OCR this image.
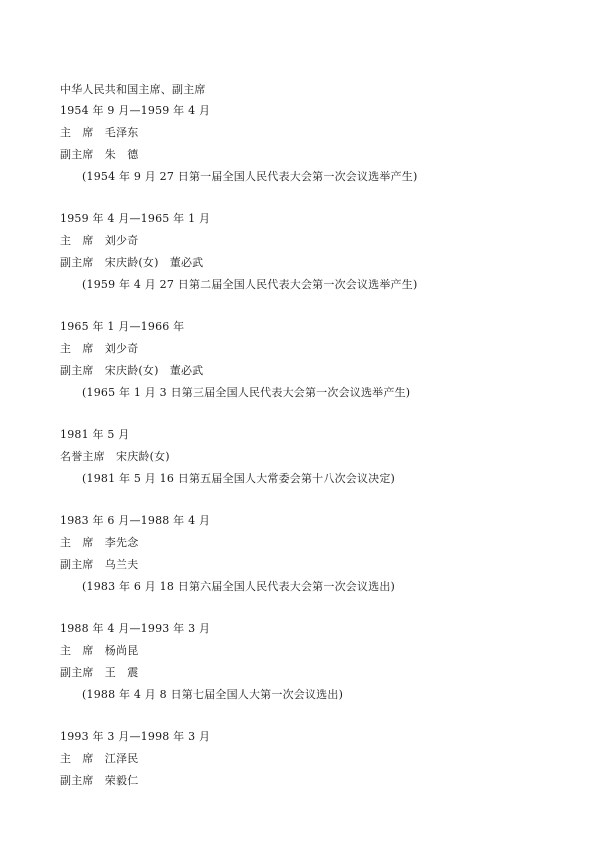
中华人民共和国主席、副主席
1954 年 9 月—1959 年 4 月
主　席　毛泽东
副主席　朱　德
(1954 年 9 月 27 日第一届全国人民代表大会第一次会议选举产生)
1959 年 4 月—1965 年 1 月
主　席　刘少奇
副主席　宋庆龄(女)　董必武
(1959 年 4 月 27 日第二届全国人民代表大会第一次会议选举产生)
1965 年 1 月—1966 年
主　席　刘少奇
副主席　宋庆龄(女)　董必武
(1965 年 1 月 3 日第三届全国人民代表大会第一次会议选举产生)
1981 年 5 月
名誉主席　宋庆龄(女)
(1981 年 5 月 16 日第五届全国人大常委会第十八次会议决定)
1983 年 6 月—1988 年 4 月
主　席　李先念
副主席　乌兰夫
(1983 年 6 月 18 日第六届全国人民代表大会第一次会议选出)
1988 年 4 月—1993 年 3 月
主　席　杨尚昆
副主席　王　震
(1988 年 4 月 8 日第七届全国人大第一次会议选出)
1993 年 3 月—1998 年 3 月
主　席　江泽民
副主席　荣毅仁
